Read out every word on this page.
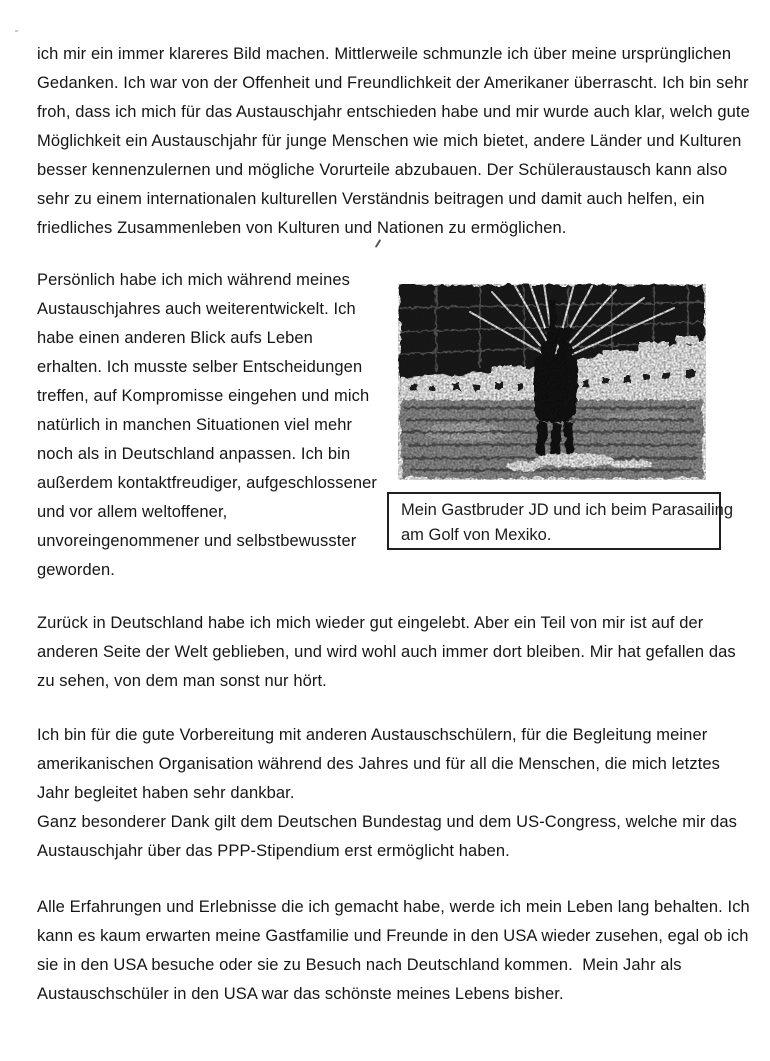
ich mir ein immer klareres Bild machen. Mittlerweile schmunzle ich über meine ursprünglichen
Gedanken. Ich war von der Offenheit und Freundlichkeit der Amerikaner überrascht. Ich bin sehr
froh, dass ich mich für das Austauschjahr entschieden habe und mir wurde auch klar, welch gute
Möglichkeit ein Austauschjahr für junge Menschen wie mich bietet, andere Länder und Kulturen
besser kennenzulernen und mögliche Vorurteile abzubauen. Der Schüleraustausch kann also
sehr zu einem internationalen kulturellen Verständnis beitragen und damit auch helfen, ein
friedliches Zusammenleben von Kulturen und Nationen zu ermöglichen.
Persönlich habe ich mich während meines
Austauschjahres auch weiterentwickelt. Ich
habe einen anderen Blick aufs Leben
erhalten. Ich musste selber Entscheidungen
treffen, auf Kompromisse eingehen und mich
natürlich in manchen Situationen viel mehr
noch als in Deutschland anpassen. Ich bin
außerdem kontaktfreudiger, aufgeschlossener
und vor allem weltoffener,
unvoreingenommener und selbstbewusster
geworden.
Mein Gastbruder JD und ich beim Parasailing
am Golf von Mexiko.
Zurück in Deutschland habe ich mich wieder gut eingelebt. Aber ein Teil von mir ist auf der
anderen Seite der Welt geblieben, und wird wohl auch immer dort bleiben. Mir hat gefallen das
zu sehen, von dem man sonst nur hört.
Ich bin für die gute Vorbereitung mit anderen Austauschschülern, für die Begleitung meiner
amerikanischen Organisation während des Jahres und für all die Menschen, die mich letztes
Jahr begleitet haben sehr dankbar.
Ganz besonderer Dank gilt dem Deutschen Bundestag und dem US-Congress, welche mir das
Austauschjahr über das PPP-Stipendium erst ermöglicht haben.
Alle Erfahrungen und Erlebnisse die ich gemacht habe, werde ich mein Leben lang behalten. Ich
kann es kaum erwarten meine Gastfamilie und Freunde in den USA wieder zusehen, egal ob ich
sie in den USA besuche oder sie zu Besuch nach Deutschland kommen.  Mein Jahr als
Austauschschüler in den USA war das schönste meines Lebens bisher.
